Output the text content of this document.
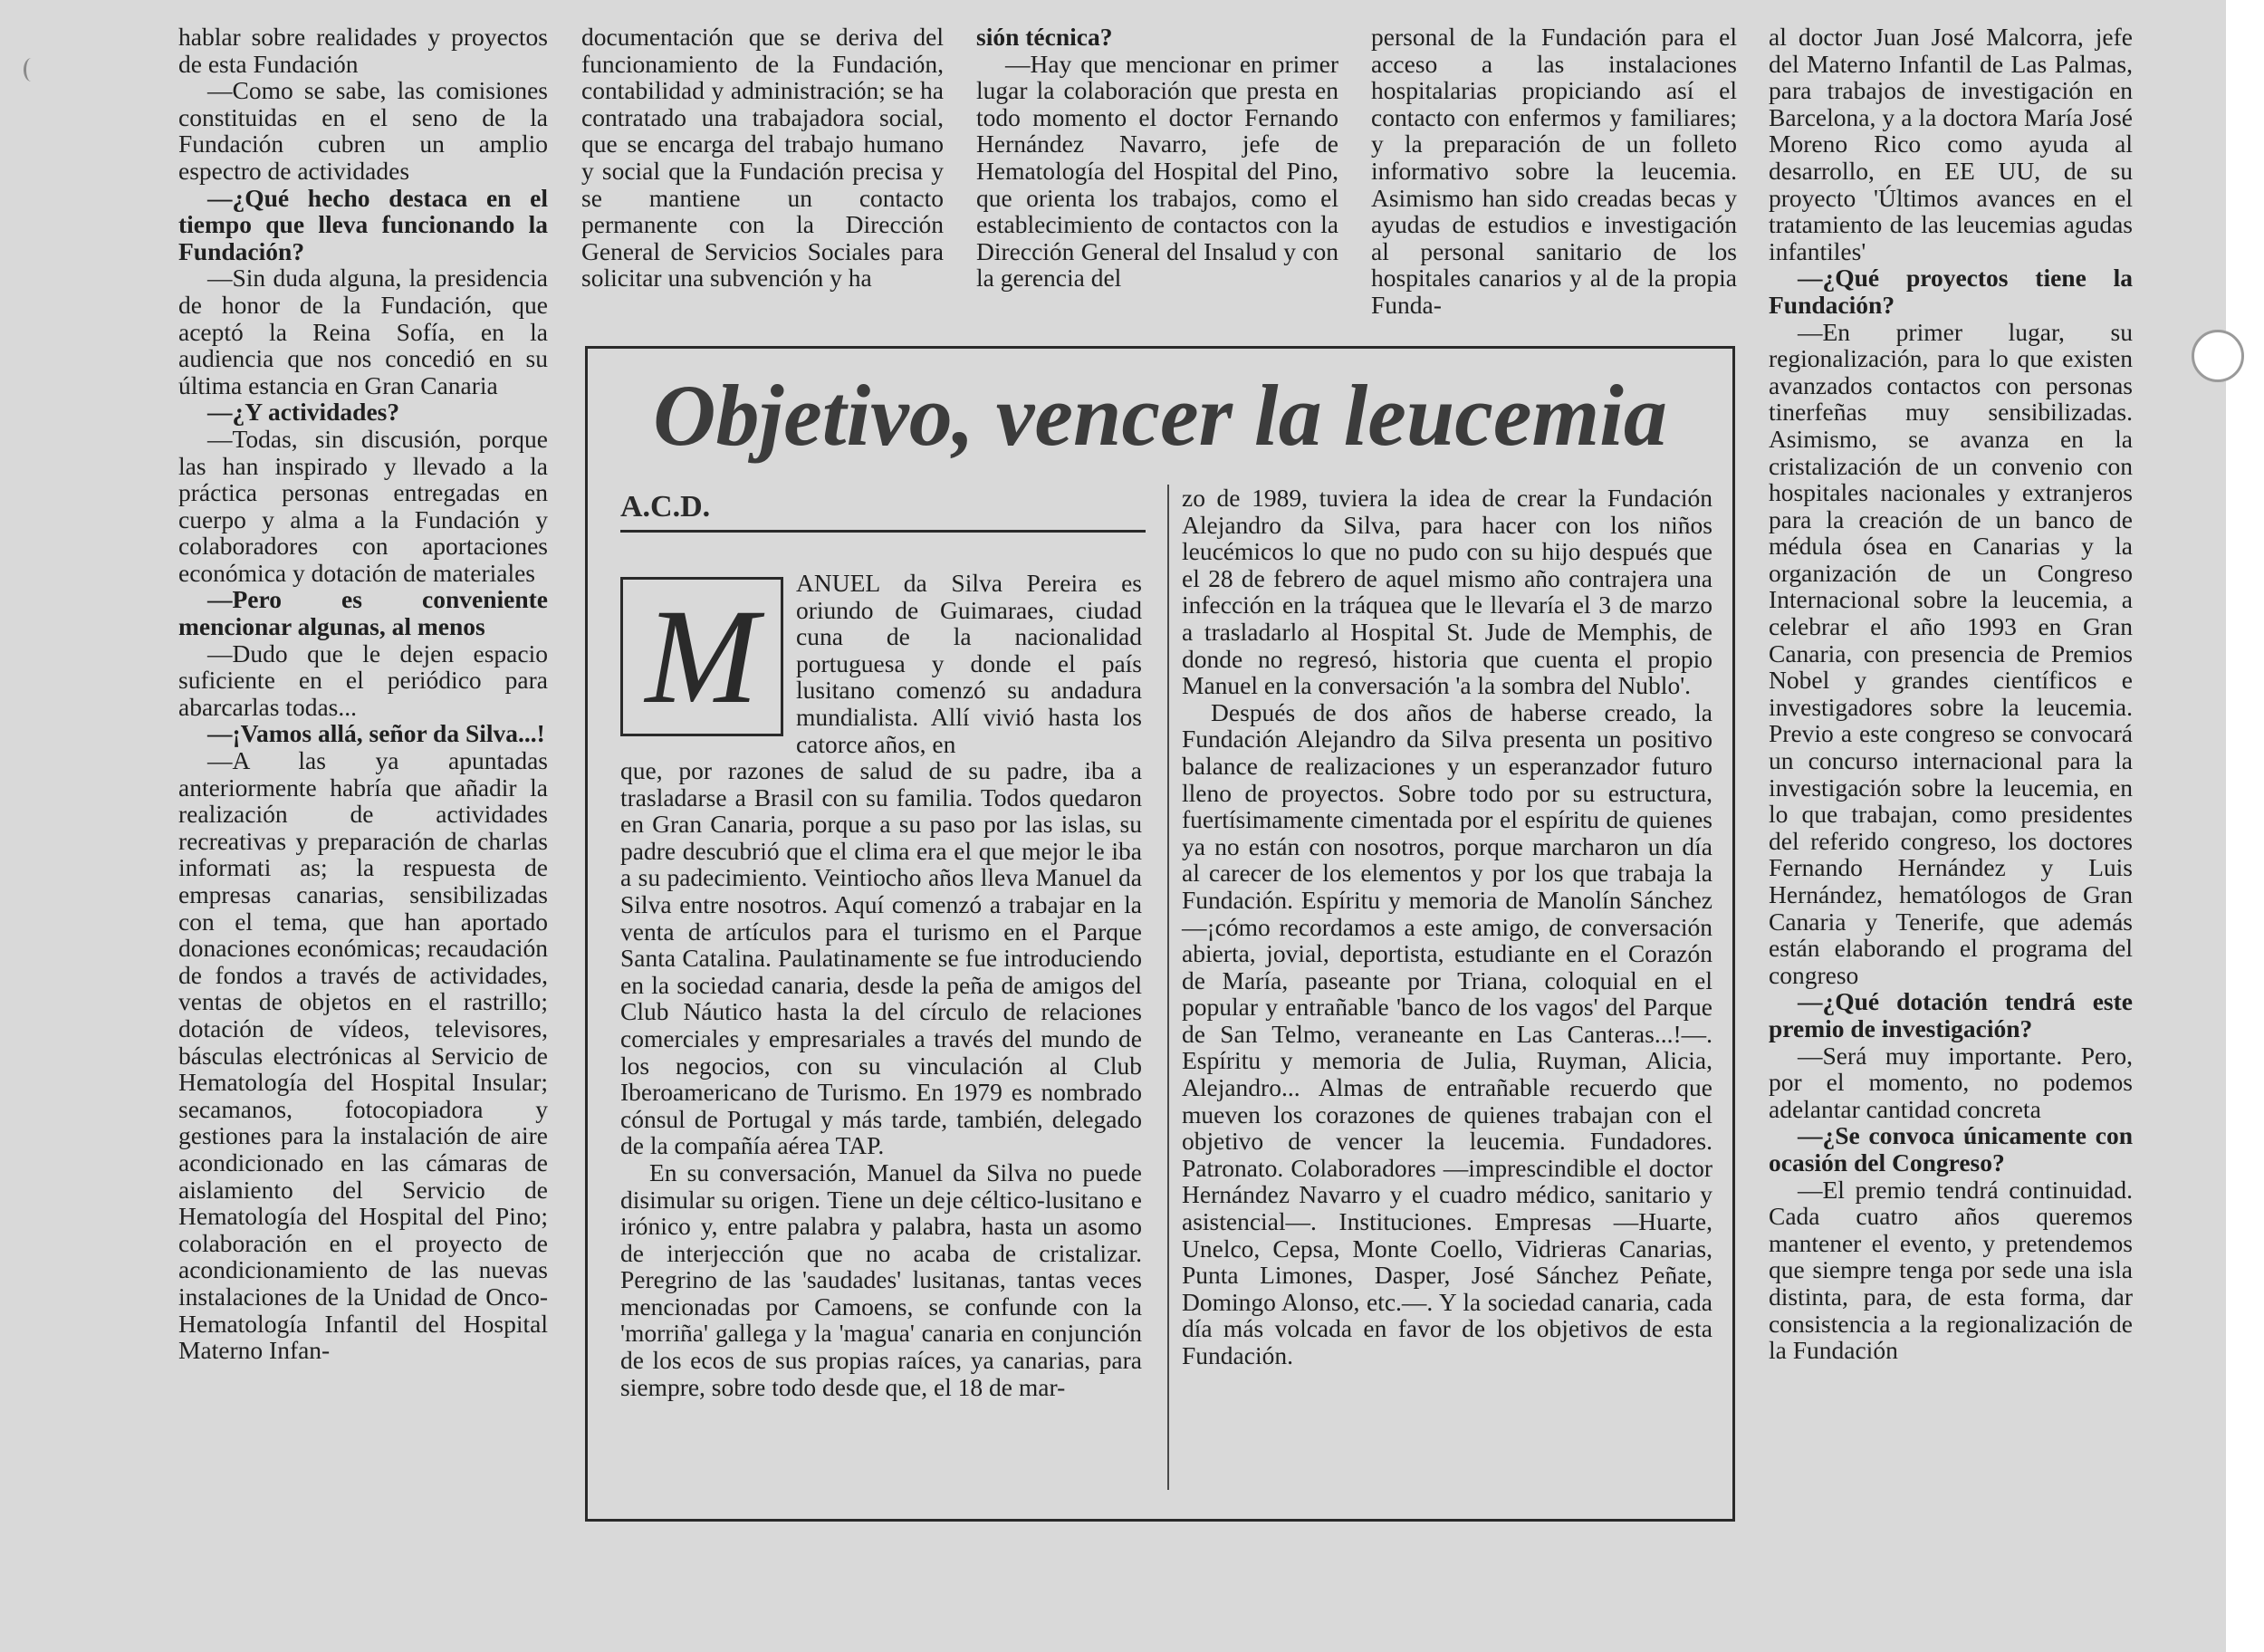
hablar sobre realidades y proyectos de esta Fundación

—Como se sabe, las comisiones constituidas en el seno de la Fundación cubren un amplio espectro de actividades

—¿Qué hecho destaca en el tiempo que lleva funcionando la Fundación?

—Sin duda alguna, la presidencia de honor de la Fundación, que aceptó la Reina Sofía, en la audiencia que nos concedió en su última estancia en Gran Canaria

—¿Y actividades?

—Todas, sin discusión, porque las han inspirado y llevado a la práctica personas entregadas en cuerpo y alma a la Fundación y colaboradores con aportaciones económica y dotación de materiales

—Pero es conveniente mencionar algunas, al menos

—Dudo que le dejen espacio suficiente en el periódico para abarcarlas todas...

—¡Vamos allá, señor da Silva...!

—A las ya apuntadas anteriormente habría que añadir la realización de actividades recreativas y preparación de charlas informati as; la respuesta de empresas canarias, sensibilizadas con el tema, que han aportado donaciones económicas; recaudación de fondos a través de actividades, ventas de objetos en el rastrillo; dotación de vídeos, televisores, básculas electrónicas al Servicio de Hematología del Hospital Insular; secamanos, fotocopiadora y gestiones para la instalación de aire acondicionado en las cámaras de aislamiento del Servicio de Hematología del Hospital del Pino; colaboración en el proyecto de acondicionamiento de las nuevas instalaciones de la Unidad de Onco-Hematología Infantil del Hospital Materno Infan-

documentación que se deriva del funcionamiento de la Fundación, contabilidad y administración; se ha contratado una trabajadora social, que se encarga del trabajo humano y social que la Fundación precisa y se mantiene un contacto permanente con la Dirección General de Servicios Sociales para solicitar una subvención y ha

sión técnica?

—Hay que mencionar en primer lugar la colaboración que presta en todo momento el doctor Fernando Hernández Navarro, jefe de Hematología del Hospital del Pino, que orienta los trabajos, como el establecimiento de contactos con la Dirección General del Insalud y con la gerencia del

personal de la Fundación para el acceso a las instalaciones hospitalarias propiciando así el contacto con enfermos y familiares; y la preparación de un folleto informativo sobre la leucemia. Asimismo han sido creadas becas y ayudas de estudios e investigación al personal sanitario de los hospitales canarios y al de la propia Funda-

al doctor Juan José Malcorra, jefe del Materno Infantil de Las Palmas, para trabajos de investigación en Barcelona, y a la doctora María José Moreno Rico como ayuda al desarrollo, en EE UU, de su proyecto 'Últimos avances en el tratamiento de las leucemias agudas infantiles'

—¿Qué proyectos tiene la Fundación?

—En primer lugar, su regionalización, para lo que existen avanzados contactos con personas tinerfeñas muy sensibilizadas. Asimismo, se avanza en la cristalización de un convenio con hospitales nacionales y extranjeros para la creación de un banco de médula ósea en Canarias y la organización de un Congreso Internacional sobre la leucemia, a celebrar el año 1993 en Gran Canaria, con presencia de Premios Nobel y grandes científicos e investigadores sobre la leucemia. Previo a este congreso se convocará un concurso internacional para la investigación sobre la leucemia, en lo que trabajan, como presidentes del referido congreso, los doctores Fernando Hernández y Luis Hernández, hematólogos de Gran Canaria y Tenerife, que además están elaborando el programa del congreso

—¿Qué dotación tendrá este premio de investigación?

—Será muy importante. Pero, por el momento, no podemos adelantar cantidad concreta

—¿Se convoca únicamente con ocasión del Congreso?

—El premio tendrá continuidad. Cada cuatro años queremos mantener el evento, y pretendemos que siempre tenga por sede una isla distinta, para, de esta forma, dar consistencia a la regionalización de la Fundación

Objetivo, vencer la leucemia
A.C.D.
M	ANUEL da Silva Pereira es oriundo de Guimaraes, ciudad cuna de la nacionalidad portuguesa y donde el país lusitano comenzó su andadura mundialista. Allí vivió hasta los catorce años, en

que, por razones de salud de su padre, iba a trasladarse a Brasil con su familia. Todos quedaron en Gran Canaria, porque a su paso por las islas, su padre descubrió que el clima era el que mejor le iba a su padecimiento. Veintiocho años lleva Manuel da Silva entre nosotros. Aquí comenzó a trabajar en la venta de artículos para el turismo en el Parque Santa Catalina. Paulatinamente se fue introduciendo en la sociedad canaria, desde la peña de amigos del Club Náutico hasta la del círculo de relaciones comerciales y empresariales a través del mundo de los negocios, con su vinculación al Club Iberoamericano de Turismo. En 1979 es nombrado cónsul de Portugal y más tarde, también, delegado de la compañía aérea TAP.

En su conversación, Manuel da Silva no puede disimular su origen. Tiene un deje céltico-lusitano e irónico y, entre palabra y palabra, hasta un asomo de interjección que no acaba de cristalizar. Peregrino de las 'saudades' lusitanas, tantas veces mencionadas por Camoens, se confunde con la 'morriña' gallega y la 'magua' canaria en conjunción de los ecos de sus propias raíces, ya canarias, para siempre, sobre todo desde que, el 18 de mar-

zo de 1989, tuviera la idea de crear la Fundación Alejandro da Silva, para hacer con los niños leucémicos lo que no pudo con su hijo después que el 28 de febrero de aquel mismo año contrajera una infección en la tráquea que le llevaría el 3 de marzo a trasladarlo al Hospital St. Jude de Memphis, de donde no regresó, historia que cuenta el propio Manuel en la conversación 'a la sombra del Nublo'.

Después de dos años de haberse creado, la Fundación Alejandro da Silva presenta un positivo balance de realizaciones y un esperanzador futuro lleno de proyectos. Sobre todo por su estructura, fuertísimamente cimentada por el espíritu de quienes ya no están con nosotros, porque marcharon un día al carecer de los elementos y por los que trabaja la Fundación. Espíritu y memoria de Manolín Sánchez —¡cómo recordamos a este amigo, de conversación abierta, jovial, deportista, estudiante en el Corazón de María, paseante por Triana, coloquial en el popular y entrañable 'banco de los vagos' del Parque de San Telmo, veraneante en Las Canteras...!—. Espíritu y memoria de Julia, Ruyman, Alicia, Alejandro... Almas de entrañable recuerdo que mueven los corazones de quienes trabajan con el objetivo de vencer la leucemia. Fundadores. Patronato. Colaboradores —imprescindible el doctor Hernández Navarro y el cuadro médico, sanitario y asistencial—. Instituciones. Empresas —Huarte, Unelco, Cepsa, Monte Coello, Vidrieras Canarias, Punta Limones, Dasper, José Sánchez Peñate, Domingo Alonso, etc.—. Y la sociedad canaria, cada día más volcada en favor de los objetivos de esta Fundación.
